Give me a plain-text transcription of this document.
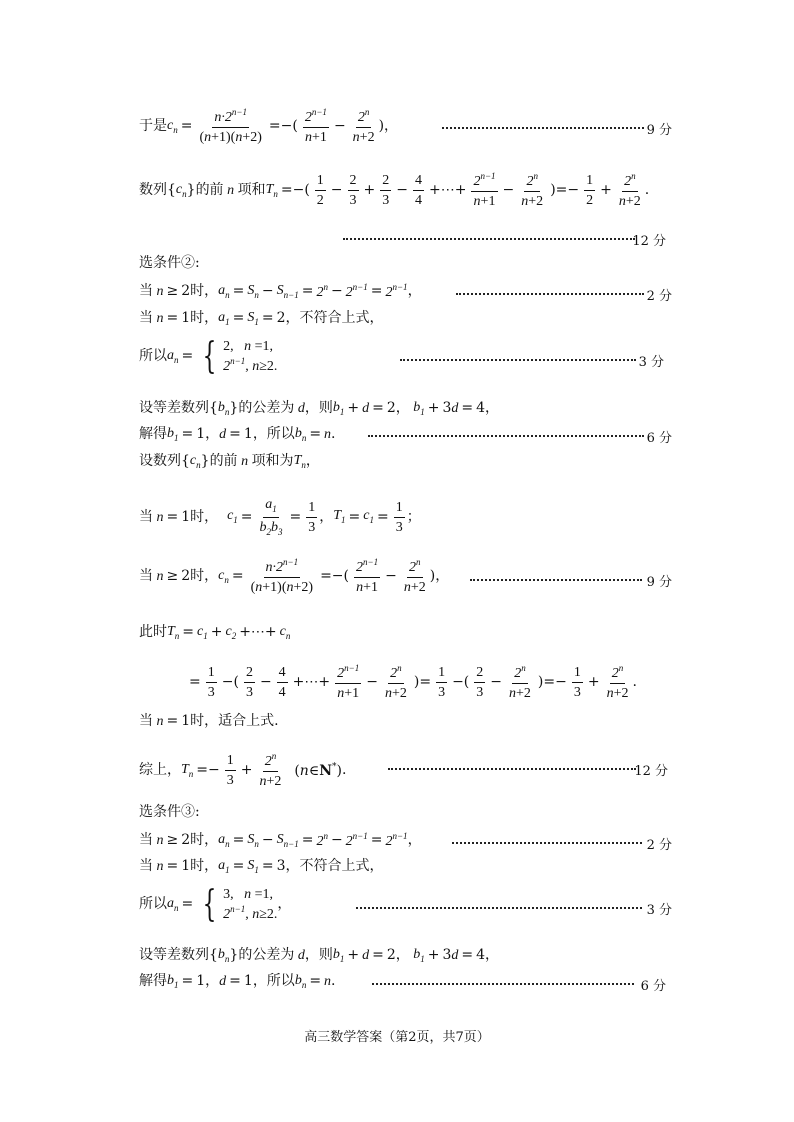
于是 $c_n = \frac{n\cdot 2^{n-1}}{(n+1)(n+2)}$ =−( $\frac{2^{n-1}}{n+1} - \frac{2^n}{n+2}$ ) ，	9 分
数列 { $c_n$ } 的前 n 项和 $T_n$ =−( $\frac{1}{2} - \frac{2}{3} + \frac{2}{3} - \frac{4}{4}$ +⋯+ $\frac{2^{n-1}}{n+1} - \frac{2^n}{n+2}$ )=− $\frac{1}{2} + \frac{2^n}{n+2}$ .
12 分
选条件②:
当 n ≥ 2 时， $a_n = S_n - S_{n-1} = 2^n - 2^{n-1} = 2^{n-1}$ ，	2 分
当 n = 1 时， $a_1 = S_1 = 2$ ，不符合上式，
所以 $a_n$ = { 2,   n =1,
$2^{n-1}$, n≥2.	3 分
设等差数列 { $b_n$ } 的公差为 d ，则 $b_1 + d = 2$， $b_1 + 3$ d = 4，
解得 $b_1 = 1$， d = 1 ，所以 $b_n = n$ .	6 分
设数列 { $c_n$ } 的前 n 项和为 $T_n$ ，
当 n = 1 时，
$c_1 = \frac{a_1}{b_2b_3} = \frac{1}{3}$ ， $T_1 = c_1 = \frac{1}{3}$ ；
当 n ≥ 2 时， $c_n = \frac{n\cdot 2^{n-1}}{(n+1)(n+2)}$ =−( $\frac{2^{n-1}}{n+1} - \frac{2^n}{n+2}$ )，	9 分
此时 $T_n = c_1 + c_2$ +⋯+ $c_n$
= $\frac{1}{3}$ −( $\frac{2}{3} - \frac{4}{4}$ +⋯+ $\frac{2^{n-1}}{n+1} - \frac{2^n}{n+2}$ )= $\frac{1}{3}$ −( $\frac{2}{3} - \frac{2^n}{n+2}$ )=− $\frac{1}{3} + \frac{2^n}{n+2}$ .
当 n = 1 时，适合上式.
综上， $T_n =- \frac{1}{3} + \frac{2^n}{n+2}$
(n∈N*) .	12 分
选条件③:
当 n ≥ 2 时， $a_n = S_n - S_{n-1} = 2^n - 2^{n-1} = 2^{n-1}$ ，	2 分
当 n = 1 时， $a_1 = S_1 = 3$ ，不符合上式，
所以 $a_n$ = { 3,   n =1,
$2^{n-1}$, n≥2.
，	3 分
设等差数列 { $b_n$ } 的公差为 d ，则 $b_1 + d = 2$， $b_1 + 3$ d = 4，
解得 $b_1 = 1$， d = 1 ，所以 $b_n = n$ .	6 分
高三数学答案（第2页，共7页）
